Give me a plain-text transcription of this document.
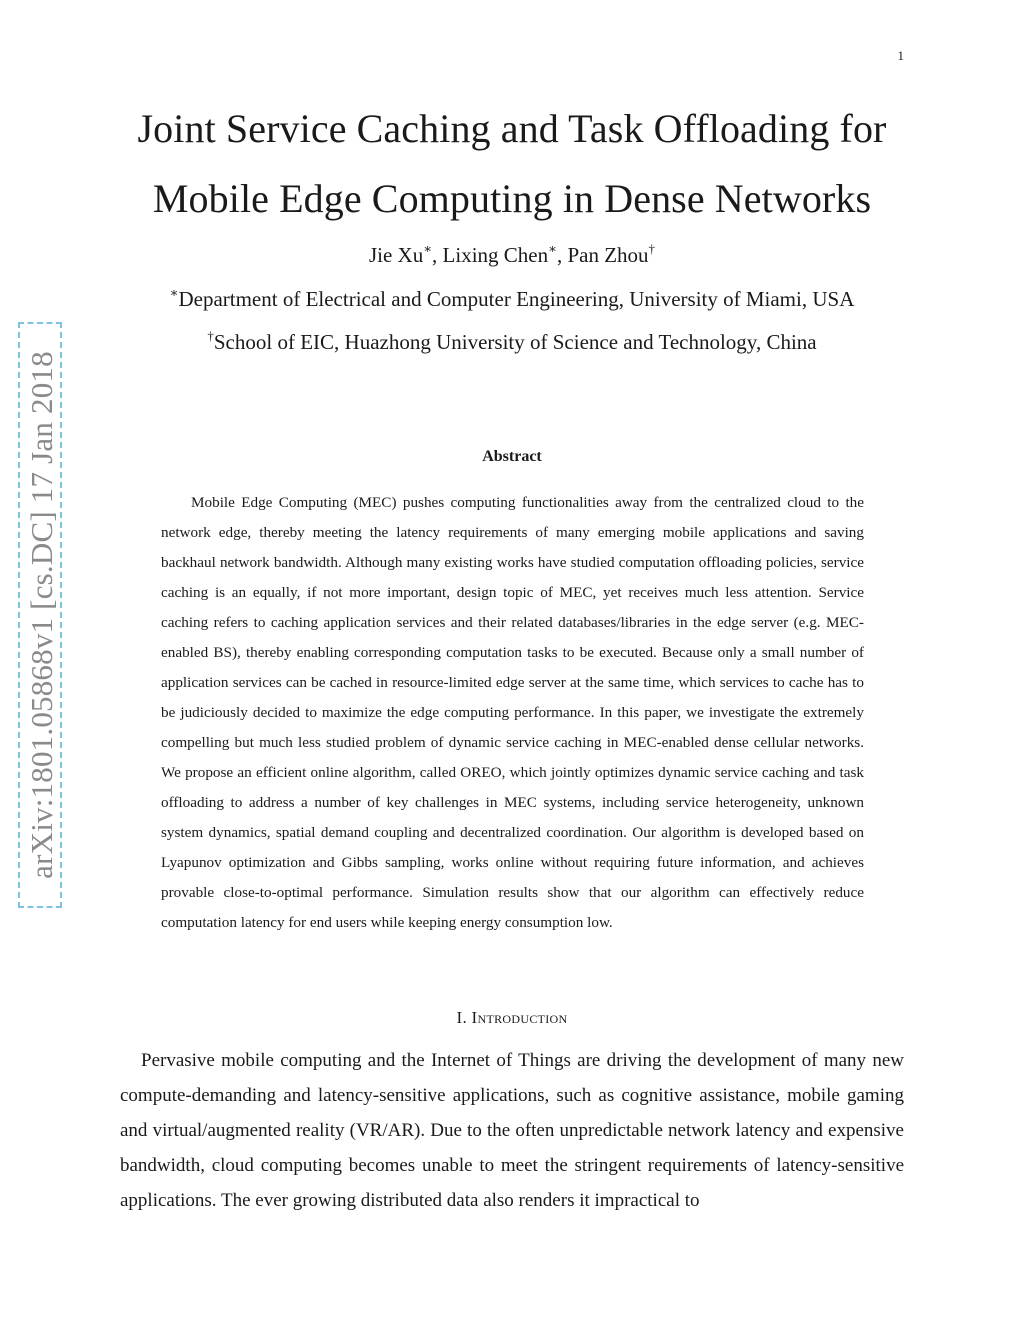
1
Joint Service Caching and Task Offloading for
Mobile Edge Computing in Dense Networks
Jie Xu∗, Lixing Chen∗, Pan Zhou†
∗Department of Electrical and Computer Engineering, University of Miami, USA
†School of EIC, Huazhong University of Science and Technology, China
Abstract

Mobile Edge Computing (MEC) pushes computing functionalities away from the centralized cloud to the network edge, thereby meeting the latency requirements of many emerging mobile applications and saving backhaul network bandwidth. Although many existing works have studied computation offloading policies, service caching is an equally, if not more important, design topic of MEC, yet receives much less attention. Service caching refers to caching application services and their related databases/libraries in the edge server (e.g. MEC-enabled BS), thereby enabling corresponding computation tasks to be executed. Because only a small number of application services can be cached in resource-limited edge server at the same time, which services to cache has to be judiciously decided to maximize the edge computing performance. In this paper, we investigate the extremely compelling but much less studied problem of dynamic service caching in MEC-enabled dense cellular networks. We propose an efficient online algorithm, called OREO, which jointly optimizes dynamic service caching and task offloading to address a number of key challenges in MEC systems, including service heterogeneity, unknown system dynamics, spatial demand coupling and decentralized coordination. Our algorithm is developed based on Lyapunov optimization and Gibbs sampling, works online without requiring future information, and achieves provable close-to-optimal performance. Simulation results show that our algorithm can effectively reduce computation latency for end users while keeping energy consumption low.

I. Introduction

Pervasive mobile computing and the Internet of Things are driving the development of many new compute-demanding and latency-sensitive applications, such as cognitive assistance, mobile gaming and virtual/augmented reality (VR/AR). Due to the often unpredictable network latency and expensive bandwidth, cloud computing becomes unable to meet the stringent requirements of latency-sensitive applications. The ever growing distributed data also renders it impractical to

arXiv:1801.05868v1 [cs.DC] 17 Jan 2018
